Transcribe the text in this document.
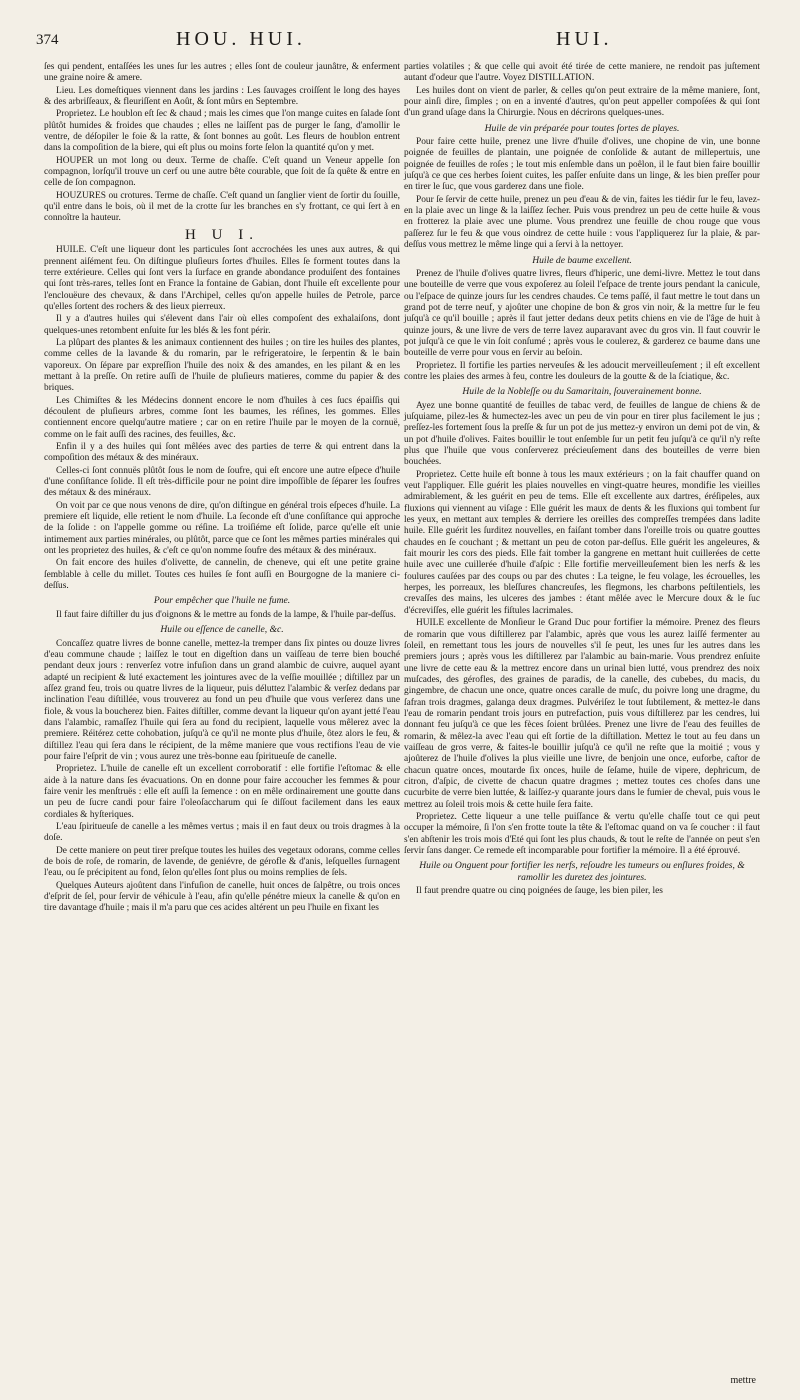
374	HOU. HUI.	HUI.

ſes qui pendent, entaſſées les unes ſur les autres ; elles ſont de couleur jaunâtre, & enferment une graine noire & amere.

Lieu. Les domeſtiques viennent dans les jardins : Les ſauvages croiſſent le long des hayes & des arbriſſeaux, & fleuriſſent en Août, & ſont mûrs en Septembre.

Proprietez. Le houblon eſt ſec & chaud ; mais les cimes que l'on mange cuites en ſalade ſont plûtôt humides & froides que chaudes ; elles ne laiſſent pas de purger le ſang, d'amollir le ventre, de déſopiler le foie & la ratte, & ſont bonnes au goût. Les fleurs de houblon entrent dans la compoſition de la biere, qui eſt plus ou moins forte ſelon la quantité qu'on y met.

HOUPER un mot long ou deux. Terme de chaſſe. C'eſt quand un Veneur appelle ſon compagnon, lorſqu'il trouve un cerf ou une autre bête courable, que ſoit de ſa quête & entre en celle de ſon compagnon.

HOUZURES ou crotures. Terme de chaſſe. C'eſt quand un ſanglier vient de ſortir du ſouille, qu'il entre dans le bois, où il met de la crotte ſur les branches en s'y frottant, ce qui ſert à en connoître la hauteur.

H U I.

HUILE. C'eſt une liqueur dont les particules ſont accrochées les unes aux autres, & qui prennent aiſément feu. On diſtingue pluſieurs ſortes d'huiles. Elles ſe forment toutes dans la terre extérieure. Celles qui ſont vers la ſurface en grande abondance produiſent des fontaines qui ſont très-rares, telles ſont en France la fontaine de Gabian, dont l'huile eſt excellente pour l'enclouëure des chevaux, & dans l'Archipel, celles qu'on appelle huiles de Petrole, parce qu'elles ſortent des rochers & des lieux pierreux.

Il y a d'autres huiles qui s'élevent dans l'air où elles compoſent des exhalaiſons, dont quelques-unes retombent enſuite ſur les blés & les font périr.

La plûpart des plantes & les animaux contiennent des huiles ; on tire les huiles des plantes, comme celles de la lavande & du romarin, par le refrigeratoire, le ſerpentin & le bain vaporeux. On ſépare par expreſſion l'huile des noix & des amandes, en les pilant & en les mettant à la preſſe. On retire auſſi de l'huile de pluſieurs matieres, comme du papier & des briques.

Les Chimiſtes & les Médecins donnent encore le nom d'huiles à ces ſucs épaiſſis qui découlent de pluſieurs arbres, comme ſont les baumes, les réſines, les gommes. Elles contiennent encore quelqu'autre matiere ; car on en retire l'huile par le moyen de la cornuë, comme on le fait auſſi des racines, des feuilles, &c.

Enfin il y a des huiles qui ſont mêlées avec des parties de terre & qui entrent dans la compoſition des métaux & des minéraux.

Celles-ci ſont connuës plûtôt ſous le nom de ſoufre, qui eſt encore une autre eſpece d'huile d'une conſiſtance ſolide. Il eſt très-difficile pour ne point dire impoſſible de ſéparer les ſoufres des métaux & des minéraux.

On voit par ce que nous venons de dire, qu'on diſtingue en général trois eſpeces d'huile. La premiere eſt liquide, elle retient le nom d'huile. La ſeconde eſt d'une conſiſtance qui approche de la ſolide : on l'appelle gomme ou réſine. La troiſiéme eſt ſolide, parce qu'elle eſt unie intimement aux parties minérales, ou plûtôt, parce que ce ſont les mêmes parties minérales qui ont les proprietez des huiles, & c'eſt ce qu'on nomme ſoufre des métaux & des minéraux.

On fait encore des huiles d'olivette, de cannelin, de cheneve, qui eſt une petite graine ſemblable à celle du millet. Toutes ces huiles ſe font auſſi en Bourgogne de la maniere ci-deſſus.

Pour empêcher que l'huile ne fume.

Il faut faire diſtiller du jus d'oignons & le mettre au fonds de la lampe, & l'huile par-deſſus.

Huile ou eſſence de canelle, &c.

Concaſſez quatre livres de bonne canelle, mettez-la tremper dans ſix pintes ou douze livres d'eau commune chaude ; laiſſez le tout en digeſtion dans un vaiſſeau de terre bien bouché pendant deux jours : renverſez votre infuſion dans un grand alambic de cuivre, auquel ayant adapté un recipient & luté exactement les jointures avec de la veſſie mouillée ; diſtillez par un aſſez grand feu, trois ou quatre livres de la liqueur, puis déluttez l'alambic & verſez dedans par inclination l'eau diſtillée, vous trouverez au fond un peu d'huile que vous verſerez dans une fiole, & vous la boucherez bien. Faites diſtiller, comme devant la liqueur qu'on ayant jetté l'eau dans l'alambic, ramaſſez l'huile qui ſera au fond du recipient, laquelle vous mêlerez avec la premiere. Réitérez cette cohobation, juſqu'à ce qu'il ne monte plus d'huile, ôtez alors le feu, & diſtillez l'eau qui ſera dans le récipient, de la même maniere que vous rectifions l'eau de vie pour faire l'eſprit de vin ; vous aurez une très-bonne eau ſpiritueuſe de canelle.

Proprietez. L'huile de canelle eſt un excellent corroboratif : elle fortifie l'eſtomac & elle aide à la nature dans ſes évacuations. On en donne pour faire accoucher les femmes & pour faire venir les menſtruës : elle eſt auſſi la ſemence : on en mêle ordinairement une goutte dans un peu de ſucre candi pour faire l'oleoſaccharum qui ſe diſſout facilement dans les eaux cordiales & hyſteriques.

L'eau ſpiritueuſe de canelle a les mêmes vertus ; mais il en faut deux ou trois dragmes à la doſe.

De cette maniere on peut tirer preſque toutes les huiles des vegetaux odorans, comme celles de bois de roſe, de romarin, de lavende, de geniévre, de gérofle & d'anis, leſquelles ſurnagent l'eau, ou ſe précipitent au fond, ſelon qu'elles ſont plus ou moins remplies de ſels.

Quelques Auteurs ajoûtent dans l'infuſion de canelle, huit onces de ſalpêtre, ou trois onces d'eſprit de ſel, pour ſervir de véhicule à l'eau, afin qu'elle pénétre mieux la canelle & qu'on en tire davantage d'huile ; mais il m'a paru que ces acides altérent un peu l'huile en fixant les

parties volatiles ; & que celle qui avoit été tirée de cette maniere, ne rendoit pas juſtement autant d'odeur que l'autre. Voyez DISTILLATION.

Les huiles dont on vient de parler, & celles qu'on peut extraire de la même maniere, ſont, pour ainſi dire, ſimples ; on en a inventé d'autres, qu'on peut appeller compoſées & qui ſont d'un grand uſage dans la Chirurgie. Nous en décrirons quelques-unes.

Huile de vin préparée pour toutes ſortes de playes.

Pour faire cette huile, prenez une livre d'huile d'olives, une chopine de vin, une bonne poignée de feuilles de plantain, une poignée de conſolide & autant de millepertuis, une poignée de feuilles de roſes ; le tout mis enſemble dans un poêlon, il le faut bien faire bouillir juſqu'à ce que ces herbes ſoient cuites, les paſſer enſuite dans un linge, & les bien preſſer pour en tirer le ſuc, que vous garderez dans une fiole.

Pour ſe ſervir de cette huile, prenez un peu d'eau & de vin, faites les tiédir ſur le feu, lavez-en la plaie avec un linge & la laiſſez ſecher. Puis vous prendrez un peu de cette huile & vous en frotterez la plaie avec une plume. Vous prendrez une feuille de chou rouge que vous paſſerez ſur le feu & que vous oindrez de cette huile : vous l'appliquerez ſur la plaie, & par-deſſus vous mettrez le même linge qui a ſervi à la nettoyer.

Huile de baume excellent.

Prenez de l'huile d'olives quatre livres, fleurs d'hiperic, une demi-livre. Mettez le tout dans une bouteille de verre que vous expoſerez au ſoleil l'eſpace de trente jours pendant la canicule, ou l'eſpace de quinze jours ſur les cendres chaudes. Ce tems paſſé, il faut mettre le tout dans un grand pot de terre neuf, y ajoûter une chopine de bon & gros vin noir, & la mettre ſur le feu juſqu'à ce qu'il bouille ; après il faut jetter dedans deux petits chiens en vie de l'âge de huit à quinze jours, & une livre de vers de terre lavez auparavant avec du gros vin. Il faut couvrir le pot juſqu'à ce que le vin ſoit conſumé ; après vous le coulerez, & garderez ce baume dans une bouteille de verre pour vous en ſervir au beſoin.

Proprietez. Il fortifie les parties nerveuſes & les adoucit merveilleuſement ; il eſt excellent contre les plaies des armes à feu, contre les douleurs de la goutte & de la ſciatique, &c.

Huile de la Nobleſſe ou du Samaritain, ſouverainement bonne.

Ayez une bonne quantité de feuilles de tabac verd, de feuilles de langue de chiens & de juſquiame, pilez-les & humectez-les avec un peu de vin pour en tirer plus facilement le jus ; preſſez-les fortement ſous la preſſe & ſur un pot de jus mettez-y environ un demi pot de vin, & un pot d'huile d'olives. Faites bouillir le tout enſemble ſur un petit feu juſqu'à ce qu'il n'y reſte plus que l'huile que vous conſerverez précieuſement dans des bouteilles de verre bien bouchées.

Proprietez. Cette huile eſt bonne à tous les maux extérieurs ; on la fait chauffer quand on veut l'appliquer. Elle guérit les plaies nouvelles en vingt-quatre heures, mondifie les vieilles admirablement, & les guérit en peu de tems. Elle eſt excellente aux dartres, éréſipeles, aux fluxions qui viennent au viſage : Elle guérit les maux de dents & les fluxions qui tombent ſur les yeux, en mettant aux temples & derriere les oreilles des compreſſes trempées dans ladite huile. Elle guérit les ſurditez nouvelles, en faiſant tomber dans l'oreille trois ou quatre gouttes chaudes en ſe couchant ; & mettant un peu de coton par-deſſus. Elle guérit les angeleures, & fait mourir les cors des pieds. Elle fait tomber la gangrene en mettant huit cuillerées de cette huile avec une cuillerée d'huile d'aſpic : Elle fortifie merveilleuſement bien les nerfs & les foulures cauſées par des coups ou par des chutes : La teigne, le feu volage, les écrouelles, les herpes, les porreaux, les bleſſures chancreuſes, les flegmons, les charbons peſtilentiels, les crevaſſes des mains, les ulceres des jambes : étant mêlée avec le Mercure doux & le ſuc d'écreviſſes, elle guérit les fiſtules lacrimales.

HUILE excellente de Monſieur le Grand Duc pour fortifier la mémoire. Prenez des fleurs de romarin que vous diſtillerez par l'alambic, après que vous les aurez laiſſé fermenter au ſoleil, en remettant tous les jours de nouvelles s'il ſe peut, les unes ſur les autres dans les premiers jours ; après vous les diſtillerez par l'alambic au bain-marie. Vous prendrez enſuite une livre de cette eau & la mettrez encore dans un urinal bien lutté, vous prendrez des noix muſcades, des gérofles, des graines de paradis, de la canelle, des cubebes, du macis, du gingembre, de chacun une once, quatre onces caralle de muſc, du poivre long une dragme, du ſafran trois dragmes, galanga deux dragmes. Pulvériſez le tout ſubtilement, & mettez-le dans l'eau de romarin pendant trois jours en putrefaction, puis vous diſtillerez par les cendres, lui donnant feu juſqu'à ce que les fèces ſoient brûlées. Prenez une livre de l'eau des feuilles de romarin, & mêlez-la avec l'eau qui eſt ſortie de la diſtillation. Mettez le tout au feu dans un vaiſſeau de gros verre, & faites-le bouillir juſqu'à ce qu'il ne reſte que la moitié ; vous y ajoûterez de l'huile d'olives la plus vieille une livre, de benjoin une once, euforbe, caſtor de chacun quatre onces, moutarde ſix onces, huile de ſeſame, huile de vipere, dephricum, de citron, d'aſpic, de civette de chacun quatre dragmes ; mettez toutes ces choſes dans une cucurbite de verre bien luttée, & laiſſez-y quarante jours dans le fumier de cheval, puis vous le mettrez au ſoleil trois mois & cette huile ſera faite.

Proprietez. Cette liqueur a une telle puiſſance & vertu qu'elle chaſſe tout ce qui peut occuper la mémoire, ſi l'on s'en frotte toute la tête & l'eſtomac quand on va ſe coucher : il faut s'en abſtenir les trois mois d'Eté qui ſont les plus chauds, & tout le reſte de l'année on peut s'en ſervir ſans danger. Ce remede eſt incomparable pour fortifier la mémoire. Il a été éprouvé.

Huile ou Onguent pour fortifier les nerfs, reſoudre les tumeurs ou enſlures froides, & ramollir les duretez des jointures.

Il faut prendre quatre ou cinq poignées de ſauge, les bien piler, les

mettre
